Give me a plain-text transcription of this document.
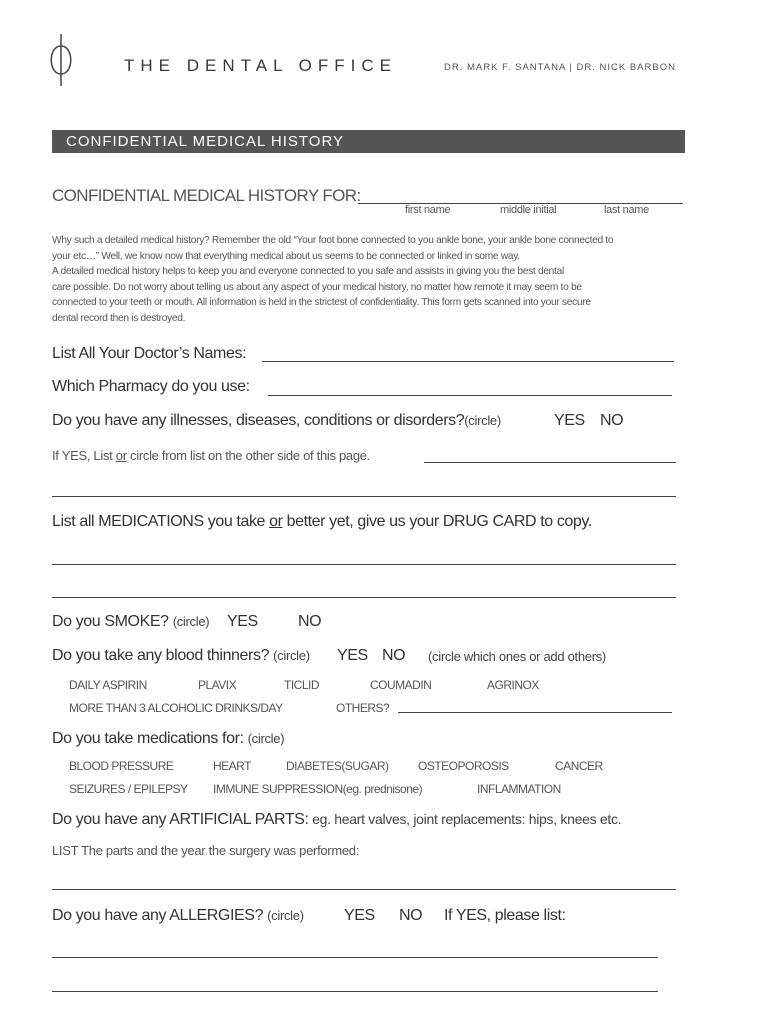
THE DENTAL OFFICE	DR. MARK F. SANTANA | DR. NICK BARBON
CONFIDENTIAL MEDICAL HISTORY
CONFIDENTIAL MEDICAL HISTORY FOR:
first name	middle initial	last name
Why such a detailed medical history? Remember the old “Your foot bone connected to you ankle bone, your ankle bone connected to
your etc…” Well, we know now that everything medical about us seems to be connected or linked in some way.
A detailed medical history helps to keep you and everyone connected to you safe and assists in giving you the best dental
care possible. Do not worry about telling us about any aspect of your medical history, no matter how remote it may seem to be
connected to your teeth or mouth. All information is held in the strictest of confidentiality. This form gets scanned into your secure
dental record then is destroyed.
List All Your Doctor’s Names:
Which Pharmacy do you use:
Do you have any illnesses, diseases, conditions or disorders?(circle)	YES NO
If YES, List or circle from list on the other side of this page.
List all MEDICATIONS you take or better yet, give us your DRUG CARD to copy.
Do you SMOKE? (circle) YES	NO
Do you take any blood thinners? (circle) YES NO (circle which ones or add others)
DAILY ASPIRIN	PLAVIX	TICLID	COUMADIN	AGRINOX
MORE THAN 3 ALCOHOLIC DRINKS/DAY	OTHERS?
Do you take medications for: (circle)
BLOOD PRESSURE	HEART	DIABETES(SUGAR) OSTEOPOROSIS	CANCER
SEIZURES / EPILEPSY IMMUNE SUPPRESSION(eg. prednisone)	INFLAMMATION
Do you have any ARTIFICIAL PARTS: eg. heart valves, joint replacements: hips, knees etc.
LIST The parts and the year the surgery was performed:
Do you have any ALLERGIES? (circle)	YES NO If YES, please list:
